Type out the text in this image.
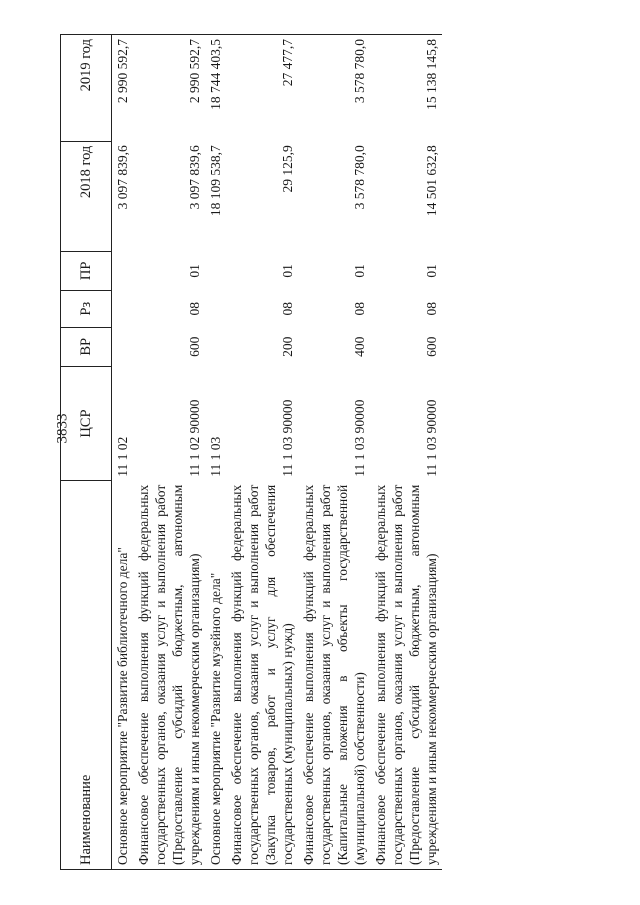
3833
Наименование	ЦСР	ВР	Рз	ПР	2018 год	2019 год
Основное мероприятие "Развитие библиотечного дела"	11 1 02				3 097 839,6	2 990 592,7
Финансовое обеспечение выполнения функций федеральных государственных органов, оказания услуг и выполнения работ (Предоставление субсидий бюджетным, автономным учреждениям и иным некоммерческим организациям)	11 1 02 90000	600	08	01	3 097 839,6	2 990 592,7
Основное мероприятие "Развитие музейного дела"	11 1 03				18 109 538,7	18 744 403,5
Финансовое обеспечение выполнения функций федеральных государственных органов, оказания услуг и выполнения работ (Закупка товаров, работ и услуг для обеспечения государственных (муниципальных) нужд)	11 1 03 90000	200	08	01	29 125,9	27 477,7
Финансовое обеспечение выполнения функций федеральных государственных органов, оказания услуг и выполнения работ (Капитальные вложения в объекты государственной (муниципальной) собственности)	11 1 03 90000	400	08	01	3 578 780,0	3 578 780,0
Финансовое обеспечение выполнения функций федеральных государственных органов, оказания услуг и выполнения работ (Предоставление субсидий бюджетным, автономным учреждениям и иным некоммерческим организациям)	11 1 03 90000	600	08	01	14 501 632,8	15 138 145,8
